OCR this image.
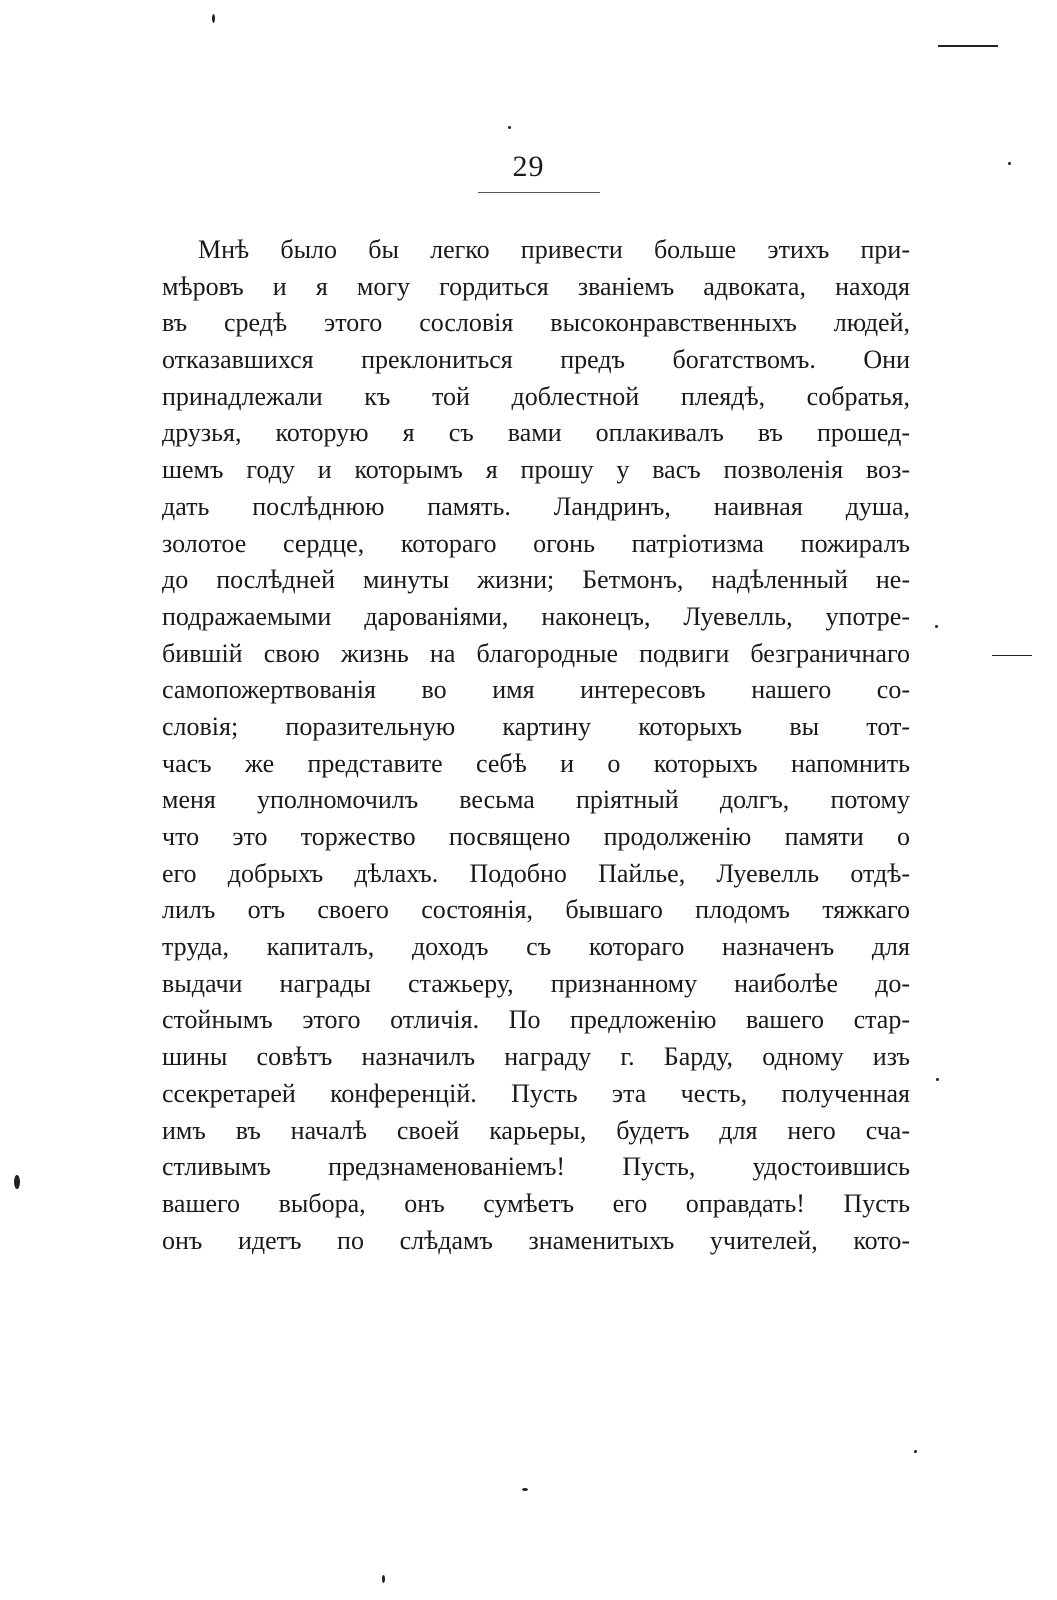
29
Мнѣ было бы легко привести больше этихъ при-
мѣровъ и я могу гордиться званіемъ адвоката, находя
въ средѣ этого сословія высоконравственныхъ людей,
отказавшихся преклониться предъ богатствомъ. Они
принадлежали къ той доблестной плеядѣ, собратья,
друзья, которую я съ вами оплакивалъ въ прошед-
шемъ году и которымъ я прошу у васъ позволенія воз-
дать послѣднюю память. Ландринъ, наивная душа,
золотое сердце, котораго огонь патріотизма пожиралъ
до послѣдней минуты жизни; Бетмонъ, надѣленный не-
подражаемыми дарованіями, наконецъ, Луевелль, употре-
бившій свою жизнь на благородные подвиги безграничнаго
самопожертвованія во имя интересовъ нашего со-
словія; поразительную картину которыхъ вы тот-
часъ же представите себѣ и о которыхъ напомнить
меня уполномочилъ весьма пріятный долгъ, потому
что это торжество посвящено продолженію памяти о
его добрыхъ дѣлахъ. Подобно Пайлье, Луевелль отдѣ-
лилъ отъ своего состоянія, бывшаго плодомъ тяжкаго
труда, капиталъ, доходъ съ котораго назначенъ для
выдачи награды стажьеру, признанному наиболѣе до-
стойнымъ этого отличія. По предложенію вашего стар-
шины совѣтъ назначилъ награду г. Барду, одному изъ
ссекретарей конференцій. Пусть эта честь, полученная
имъ въ началѣ своей карьеры, будетъ для него сча-
стливымъ предзнаменованіемъ! Пусть, удостоившись
вашего выбора, онъ сумѣетъ его оправдать! Пусть
онъ идетъ по слѣдамъ знаменитыхъ учителей, кото-
